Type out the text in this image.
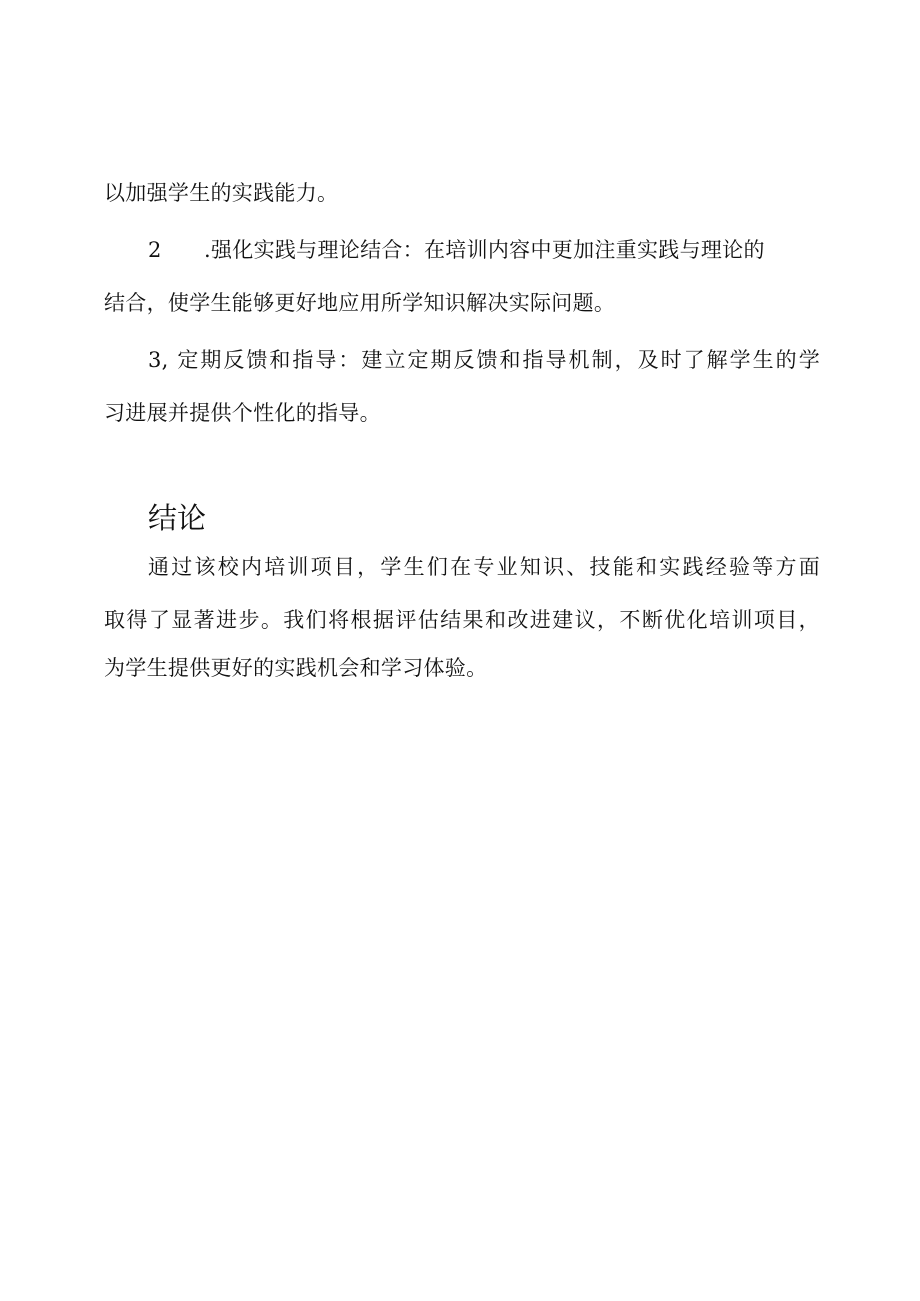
以加强学生的实践能力。
2 .强化实践与理论结合：在培训内容中更加注重实践与理论的
结合，使学生能够更好地应用所学知识解决实际问题。
3, 定期反馈和指导：建立定期反馈和指导机制，及时了解学生的学
习进展并提供个性化的指导。
结论
通过该校内培训项目，学生们在专业知识、技能和实践经验等方面
取得了显著进步。我们将根据评估结果和改进建议，不断优化培训项目，
为学生提供更好的实践机会和学习体验。
